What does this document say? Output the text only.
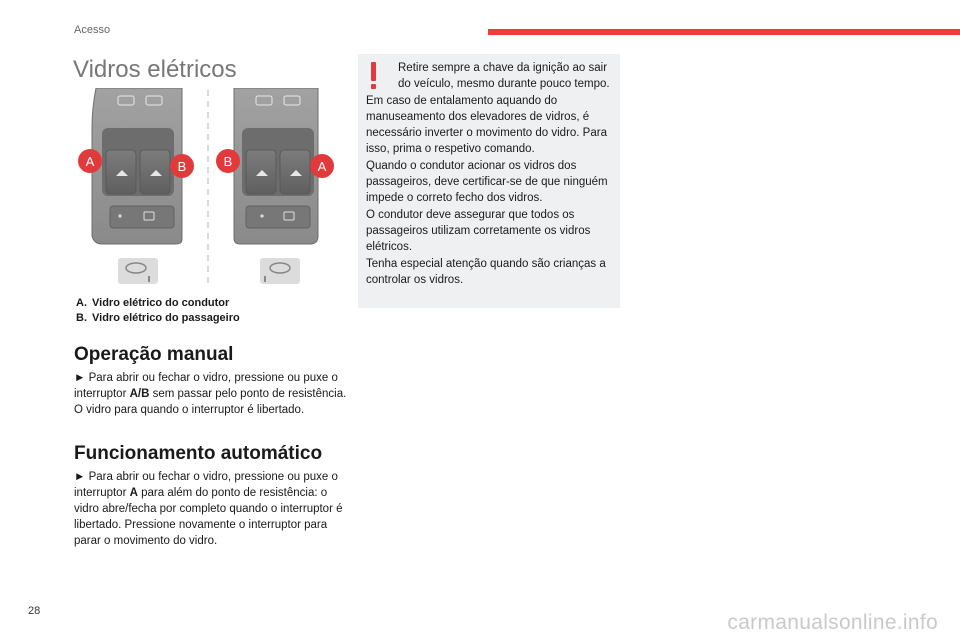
Acesso
Vidros elétricos
A	B	B	A
A. Vidro elétrico do condutor
B. Vidro elétrico do passageiro
Operação manual
► Para abrir ou fechar o vidro, pressione ou puxe o interruptor A/B sem passar pelo ponto de resistência. O vidro para quando o interruptor é libertado.
Funcionamento automático
► Para abrir ou fechar o vidro, pressione ou puxe o interruptor A para além do ponto de resistência: o vidro abre/fecha por completo quando o interruptor é libertado. Pressione novamente o interruptor para parar o movimento do vidro.
Retire sempre a chave da ignição ao sair do veículo, mesmo durante pouco tempo.
Em caso de entalamento aquando do manuseamento dos elevadores de vidros, é necessário inverter o movimento do vidro. Para isso, prima o respetivo comando.
Quando o condutor acionar os vidros dos passageiros, deve certificar-se de que ninguém impede o correto fecho dos vidros.
O condutor deve assegurar que todos os passageiros utilizam corretamente os vidros elétricos.
Tenha especial atenção quando são crianças a controlar os vidros.
28	carmanualsonline.info
